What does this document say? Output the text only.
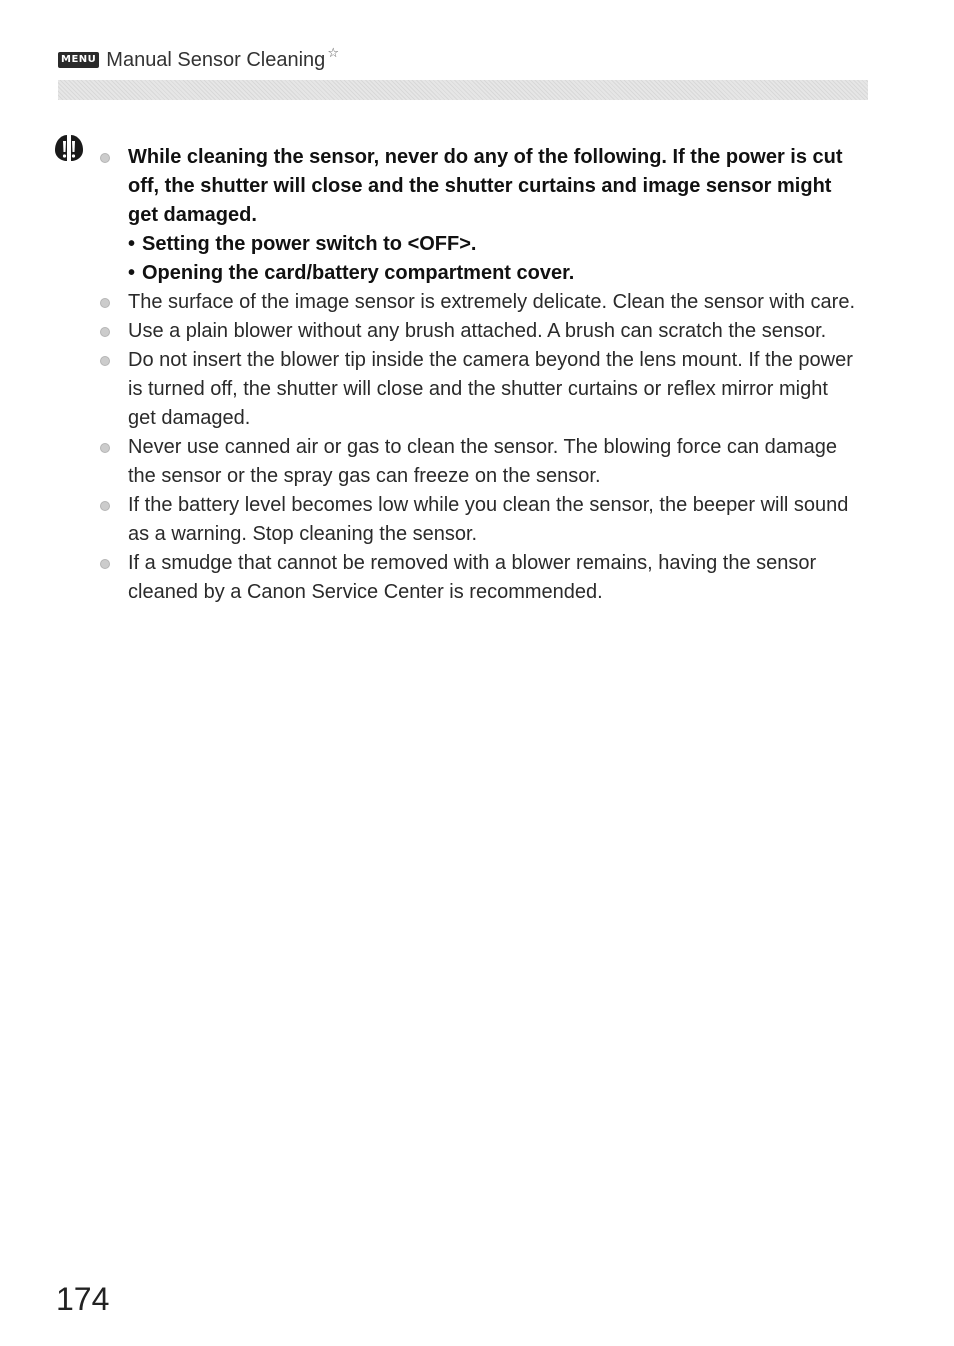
MENU Manual Sensor Cleaning ☆
While cleaning the sensor, never do any of the following. If the power is cut off, the shutter will close and the shutter curtains and image sensor might get damaged.
• Setting the power switch to <OFF>.
• Opening the card/battery compartment cover.
The surface of the image sensor is extremely delicate. Clean the sensor with care.
Use a plain blower without any brush attached. A brush can scratch the sensor.
Do not insert the blower tip inside the camera beyond the lens mount. If the power is turned off, the shutter will close and the shutter curtains or reflex mirror might get damaged.
Never use canned air or gas to clean the sensor. The blowing force can damage the sensor or the spray gas can freeze on the sensor.
If the battery level becomes low while you clean the sensor, the beeper will sound as a warning. Stop cleaning the sensor.
If a smudge that cannot be removed with a blower remains, having the sensor cleaned by a Canon Service Center is recommended.
174
